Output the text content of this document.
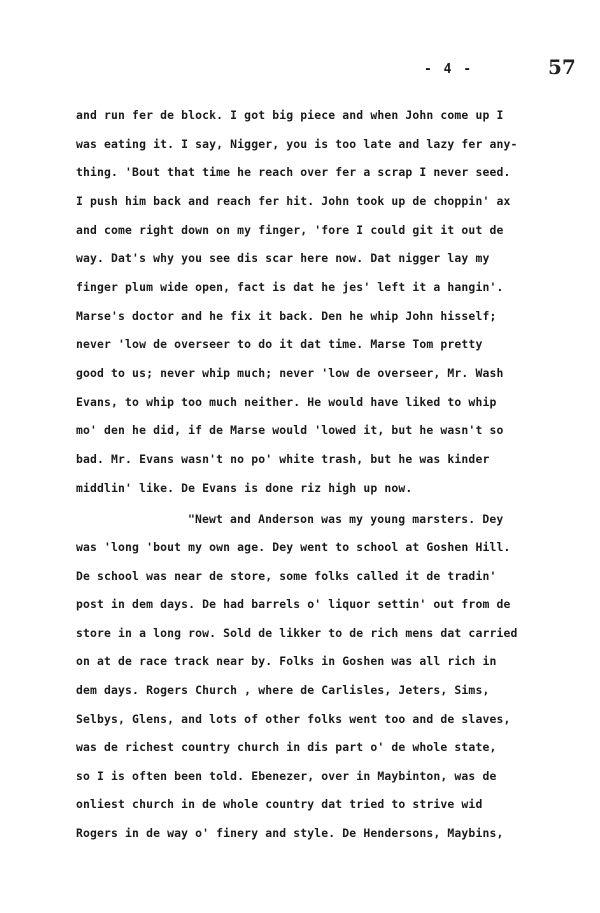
- 4 -	57
and run fer de block. I got big piece and when John come up I
was eating it. I say, Nigger, you is too late and lazy fer any-
thing. 'Bout that time he reach over fer a scrap I never seed.
I push him back and reach fer hit. John took up de choppin' ax
and come right down on my finger, 'fore I could git it out de
way. Dat's why you see dis scar here now. Dat nigger lay my
finger plum wide open, fact is dat he jes' left it a hangin'.
Marse's doctor and he fix it back. Den he whip John hisself;
never 'low de overseer to do it dat time. Marse Tom pretty
good to us; never whip much; never 'low de overseer, Mr. Wash
Evans, to whip too much neither. He would have liked to whip
mo' den he did, if de Marse would 'lowed it, but he wasn't so
bad. Mr. Evans wasn't no po' white trash, but he was kinder
middlin' like. De Evans is done riz high up now.
"Newt and Anderson was my young marsters. Dey
was 'long 'bout my own age. Dey went to school at Goshen Hill.
De school was near de store, some folks called it de tradin'
post in dem days. De had barrels o' liquor settin' out from de
store in a long row. Sold de likker to de rich mens dat carried
on at de race track near by. Folks in Goshen was all rich in
dem days. Rogers Church , where de Carlisles, Jeters, Sims,
Selbys, Glens, and lots of other folks went too and de slaves,
was de richest country church in dis part o' de whole state,
so I is often been told. Ebenezer, over in Maybinton, was de
onliest church in de whole country dat tried to strive wid
Rogers in de way o' finery and style. De Hendersons, Maybins,
